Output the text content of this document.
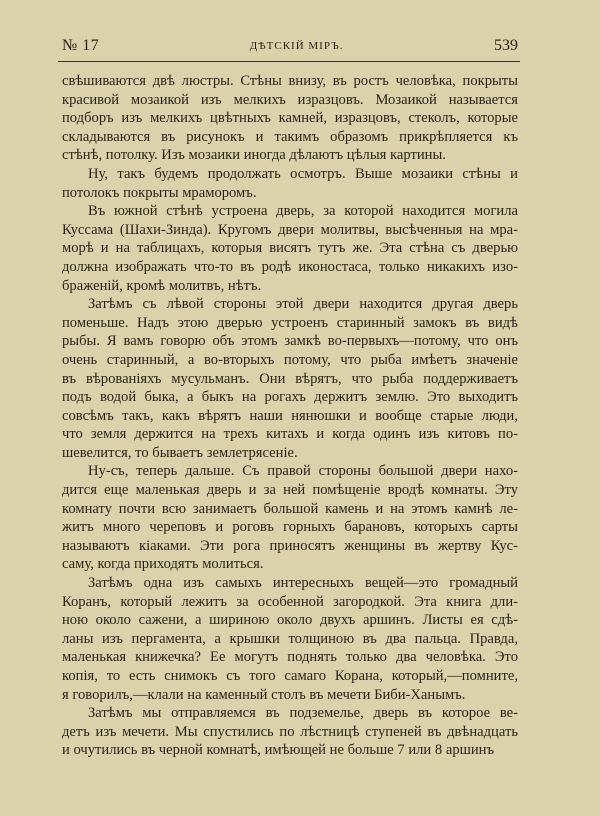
№ 17	ДѢТСКІЙ МІРЪ.	539

свѣшиваются двѣ люстры. Стѣны внизу, въ ростъ человѣка, покрыты
красивой мозаикой изъ мелкихъ изразцовъ. Мозаикой называется
подборъ изъ мелкихъ цвѣтныхъ камней, изразцовъ, стеколъ, которые
складываются въ рисунокъ и такимъ образомъ прикрѣпляется къ
стѣнѣ, потолку. Изъ мозаики иногда дѣлаютъ цѣлыя картины.

Ну, такъ будемъ продолжать осмотръ. Выше мозаики стѣны и
потолокъ покрыты мраморомъ.

Въ южной стѣнѣ устроена дверь, за которой находится могила
Куссама (Шахи-Зинда). Кругомъ двери молитвы, высѣченныя на мра-
морѣ и на таблицахъ, которыя висятъ тутъ же. Эта стѣна съ дверью
должна изображать что-то въ родѣ иконостаса, только никакихъ изо-
браженій, кромѣ молитвъ, нѣтъ.

Затѣмъ съ лѣвой стороны этой двери находится другая дверь
поменьше. Надъ этою дверью устроенъ старинный замокъ въ видѣ
рыбы. Я вамъ говорю объ этомъ замкѣ во-первыхъ—потому, что онъ
очень старинный, а во-вторыхъ потому, что рыба имѣетъ значеніе
въ вѣрованіяхъ мусульманъ. Они вѣрятъ, что рыба поддерживаетъ
подъ водой быка, а быкъ на рогахъ держитъ землю. Это выходитъ
совсѣмъ такъ, какъ вѣрятъ наши нянюшки и вообще старые люди,
что земля держится на трехъ китахъ и когда одинъ изъ китовъ по-
шевелится, то бываетъ землетрясеніе.

Ну-съ, теперь дальше. Съ правой стороны большой двери нахо-
дится еще маленькая дверь и за ней помѣщеніе вродѣ комнаты. Эту
комнату почти всю занимаетъ большой камень и на этомъ камнѣ ле-
житъ много череповъ и роговъ горныхъ барановъ, которыхъ сарты
называютъ кіаками. Эти рога приносятъ женщины въ жертву Кус-
саму, когда приходятъ молиться.

Затѣмъ одна изъ самыхъ интересныхъ вещей—это громадный
Коранъ, который лежитъ за особенной загородкой. Эта книга дли-
ною около сажени, а шириною около двухъ аршинъ. Листы ея сдѣ-
ланы изъ пергамента, а крышки толщиною въ два пальца. Правда,
маленькая книжечка? Ее могутъ поднять только два человѣка. Это
копія, то есть снимокъ съ того самаго Корана, который,—помните,
я говорилъ,—клали на каменный столъ въ мечети Биби-Ханымъ.

Затѣмъ мы отправляемся въ подземелье, дверь въ которое ве-
детъ изъ мечети. Мы спустились по лѣстницѣ ступеней въ двѣнадцать
и очутились въ черной комнатѣ, имѣющей не больше 7 или 8 аршинъ
